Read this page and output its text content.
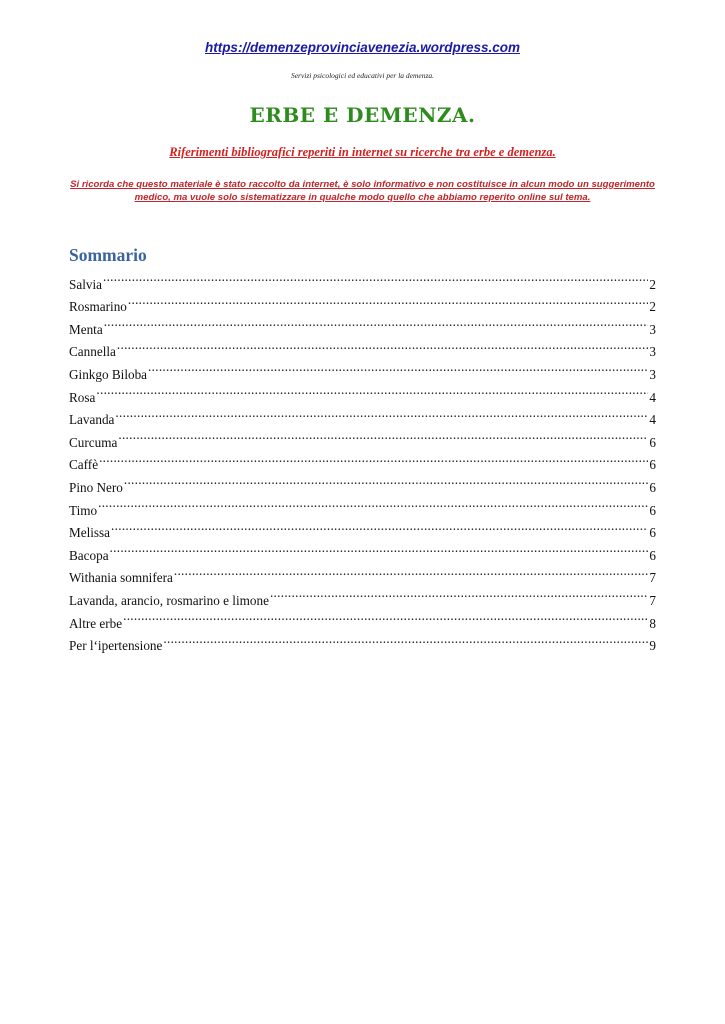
https://demenzeprovinciavenezia.wordpress.com
Servizi psicologici ed educativi per la demenza.
ERBE E DEMENZA.
Riferimenti bibliografici reperiti in internet su ricerche tra erbe e demenza.
Si ricorda che questo materiale è stato raccolto da internet, è solo informativo e non costituisce in alcun modo un suggerimento medico, ma vuole solo sistematizzare in qualche modo quello che abbiamo reperito online sul tema.
Sommario
Salvia .....	2
Rosmarino .....	2
Menta .....	3
Cannella .....	3
Ginkgo Biloba .....	3
Rosa .....	4
Lavanda .....	4
Curcuma .....	6
Caffè .....	6
Pino Nero .....	6
Timo .....	6
Melissa .....	6
Bacopa .....	6
Withania somnifera .....	7
Lavanda, arancio, rosmarino e limone .....	7
Altre erbe .....	8
Per l‘ipertensione .....	9
